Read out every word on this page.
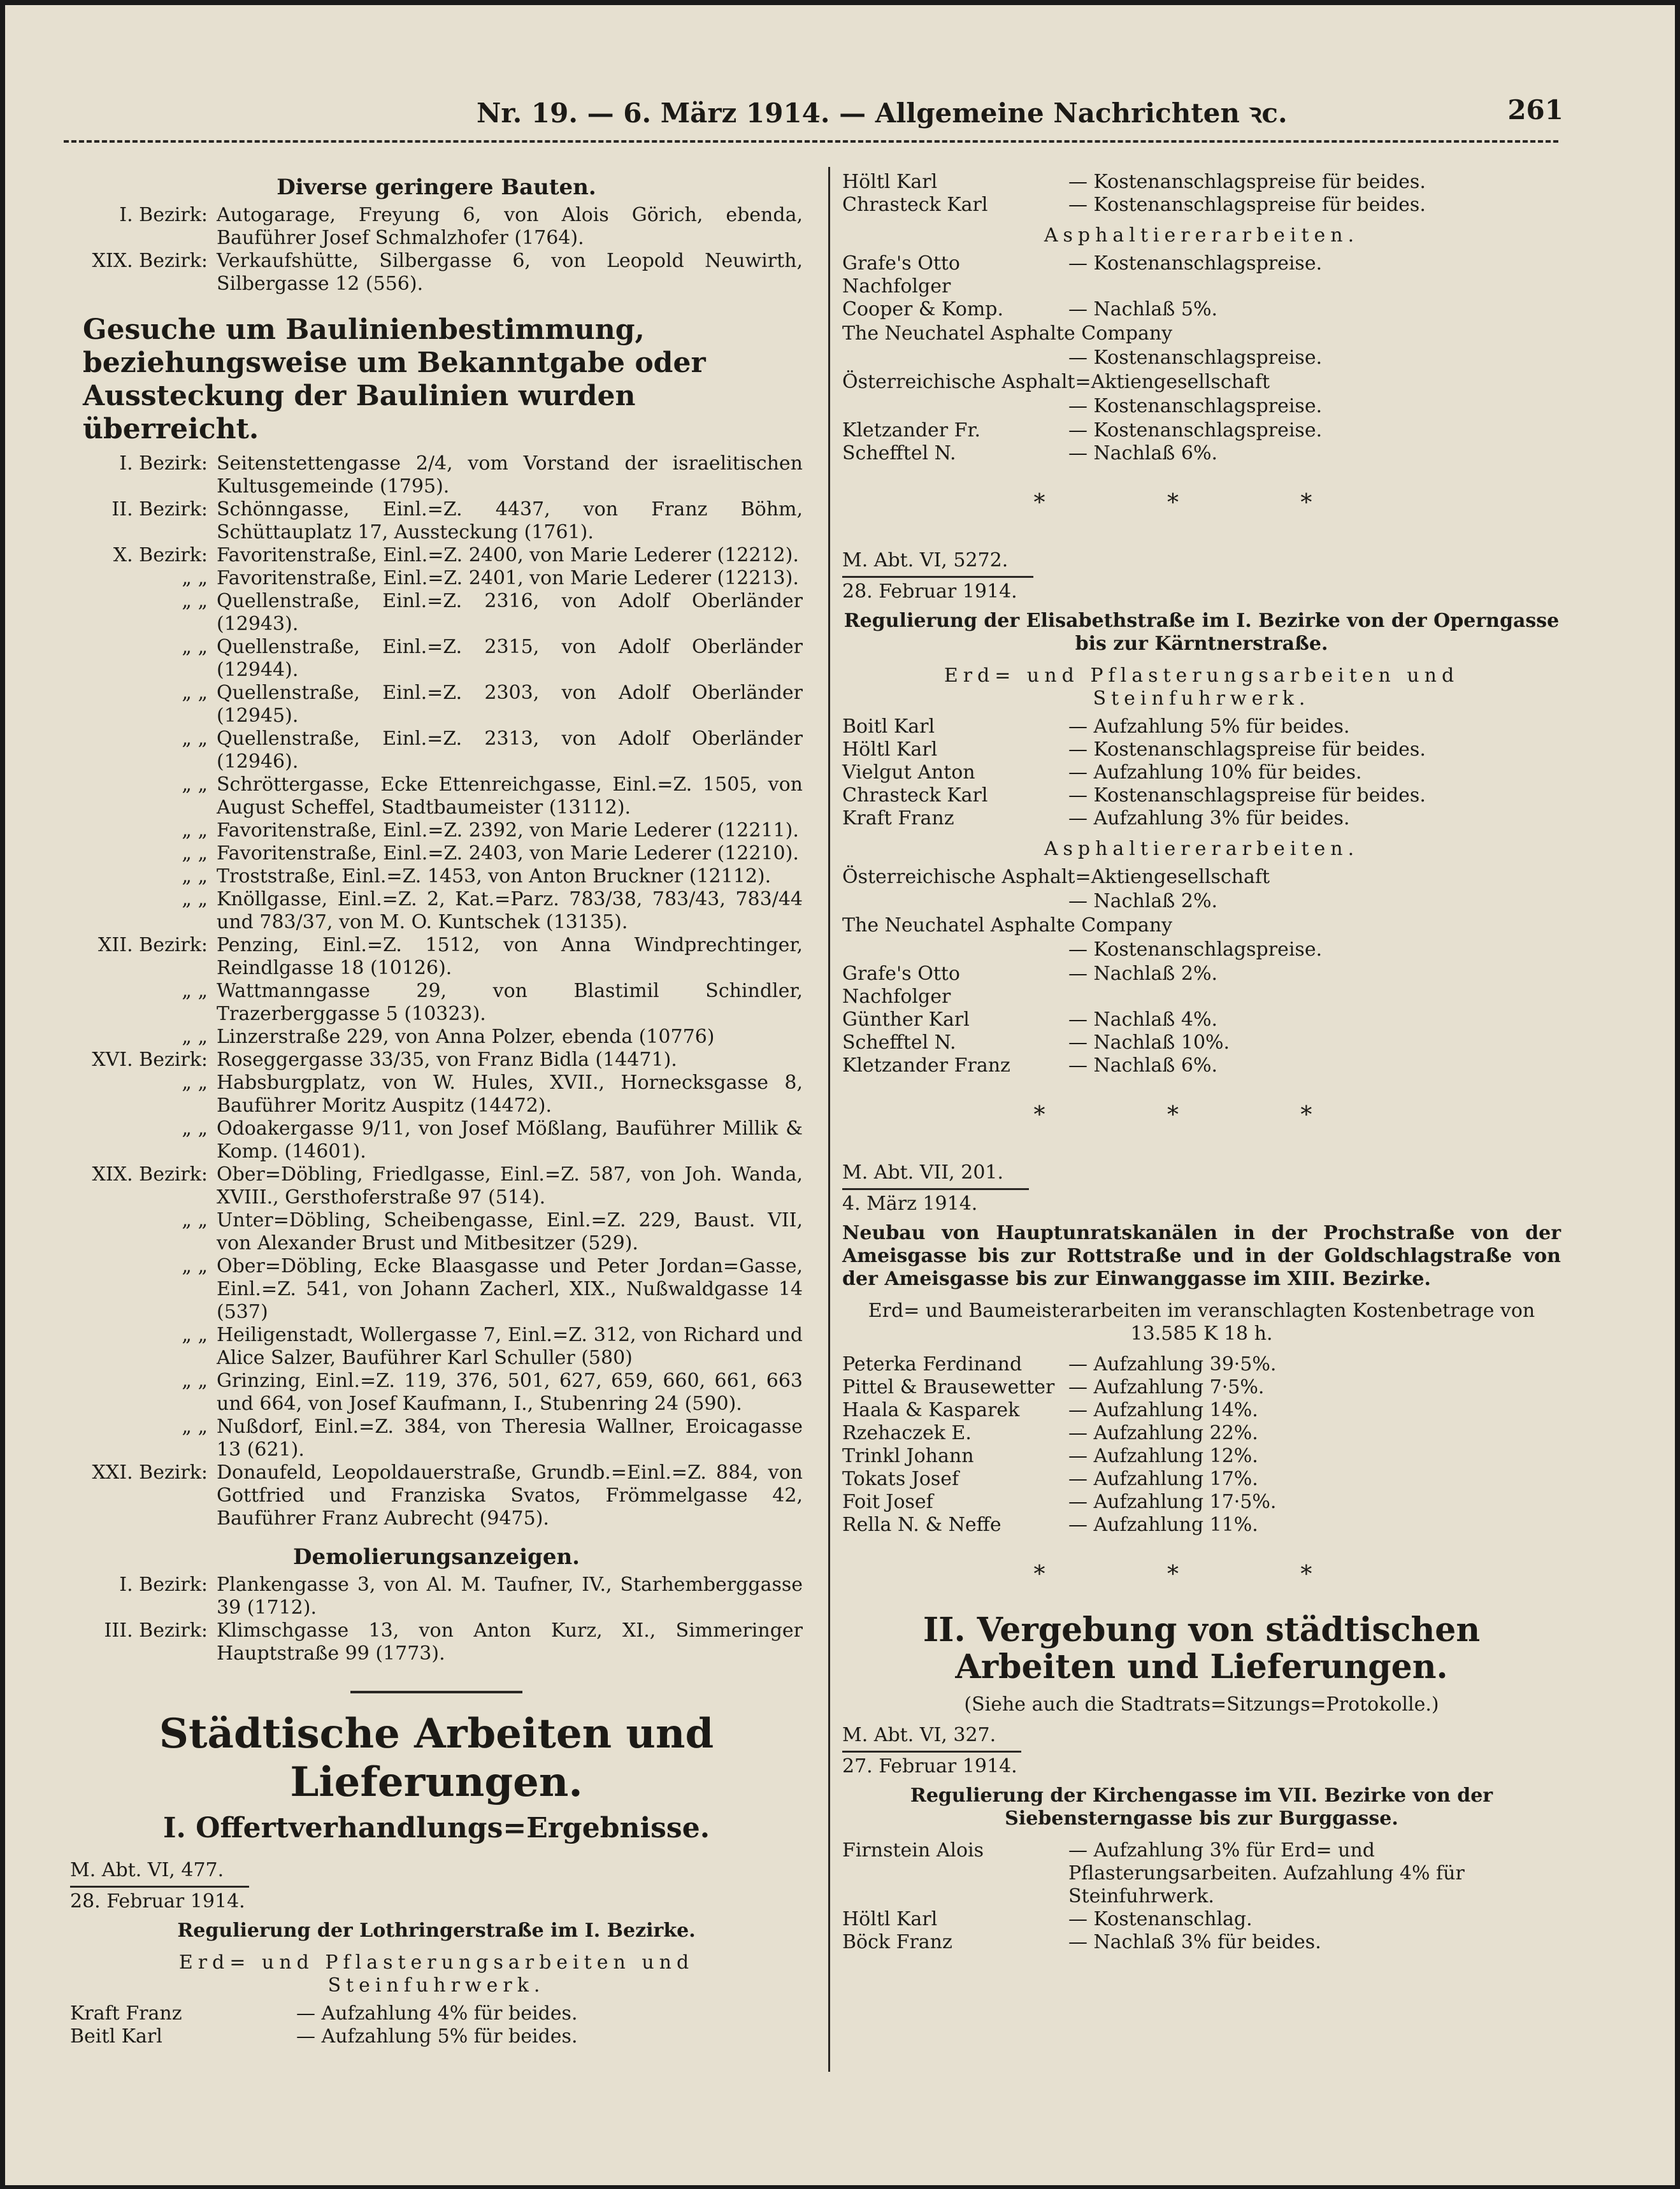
Nr. 19. — 6. März 1914. — Allgemeine Nachrichten ꝛc.	261
Diverse geringere Bauten.
I. Bezirk: Autogarage, Freyung 6, von Alois Görich, ebenda, Bauführer Josef Schmalzhofer (1764).
XIX. Bezirk: Verkaufshütte, Silbergasse 6, von Leopold Neuwirth, Silbergasse 12 (556).
Gesuche um Baulinienbestimmung, beziehungsweise um Bekanntgabe oder Aussteckung der Baulinien wurden überreicht.
I. Bezirk: Seitenstettengasse 2/4, vom Vorstand der israelitischen Kultusgemeinde (1795).
II. Bezirk: Schönngasse, Einl.=Z. 4437, von Franz Böhm, Schüttauplatz 17, Aussteckung (1761).
X. Bezirk: Favoritenstraße, Einl.=Z. 2400, von Marie Lederer (12212).
„ „ Favoritenstraße, Einl.=Z. 2401, von Marie Lederer (12213).
„ „ Quellenstraße, Einl.=Z. 2316, von Adolf Oberländer (12943).
„ „ Quellenstraße, Einl.=Z. 2315, von Adolf Oberländer (12944).
„ „ Quellenstraße, Einl.=Z. 2303, von Adolf Oberländer (12945).
„ „ Quellenstraße, Einl.=Z. 2313, von Adolf Oberländer (12946).
„ „ Schröttergasse, Ecke Ettenreichgasse, Einl.=Z. 1505, von August Scheffel, Stadtbaumeister (13112).
„ „ Favoritenstraße, Einl.=Z. 2392, von Marie Lederer (12211).
„ „ Favoritenstraße, Einl.=Z. 2403, von Marie Lederer (12210).
„ „ Troststraße, Einl.=Z. 1453, von Anton Bruckner (12112).
„ „ Knöllgasse, Einl.=Z. 2, Kat.=Parz. 783/38, 783/43, 783/44 und 783/37, von M. O. Kuntschek (13135).
XII. Bezirk: Penzing, Einl.=Z. 1512, von Anna Windprechtinger, Reindlgasse 18 (10126).
„ „ Wattmanngasse 29, von Blastimil Schindler, Trazerberggasse 5 (10323).
„ „ Linzerstraße 229, von Anna Polzer, ebenda (10776)
XVI. Bezirk: Roseggergasse 33/35, von Franz Bidla (14471).
„ „ Habsburgplatz, von W. Hules, XVII., Hornecksgasse 8, Bauführer Moritz Auspitz (14472).
„ „ Odoakergasse 9/11, von Josef Mößlang, Bauführer Millik & Komp. (14601).
XIX. Bezirk: Ober=Döbling, Friedlgasse, Einl.=Z. 587, von Joh. Wanda, XVIII., Gersthoferstraße 97 (514).
„ „ Unter=Döbling, Scheibengasse, Einl.=Z. 229, Baust. VII, von Alexander Brust und Mitbesitzer (529).
„ „ Ober=Döbling, Ecke Blaasgasse und Peter Jordan=Gasse, Einl.=Z. 541, von Johann Zacherl, XIX., Nußwaldgasse 14 (537)
„ „ Heiligenstadt, Wollergasse 7, Einl.=Z. 312, von Richard und Alice Salzer, Bauführer Karl Schuller (580)
„ „ Grinzing, Einl.=Z. 119, 376, 501, 627, 659, 660, 661, 663 und 664, von Josef Kaufmann, I., Stubenring 24 (590).
„ „ Nußdorf, Einl.=Z. 384, von Theresia Wallner, Eroicagasse 13 (621).
XXI. Bezirk: Donaufeld, Leopoldauerstraße, Grundb.=Einl.=Z. 884, von Gottfried und Franziska Svatos, Frömmelgasse 42, Bauführer Franz Aubrecht (9475).
Demolierungsanzeigen.
I. Bezirk: Plankengasse 3, von Al. M. Taufner, IV., Starhemberggasse 39 (1712).
III. Bezirk: Klimschgasse 13, von Anton Kurz, XI., Simmeringer Hauptstraße 99 (1773).
Städtische Arbeiten und Lieferungen.
I. Offertverhandlungs=Ergebnisse.
M. Abt. VI, 477.
28. Februar 1914.
Regulierung der Lothringerstraße im I. Bezirke.
Erd= und Pflasterungsarbeiten und Steinfuhrwerk.
Kraft Franz	— Aufzahlung 4% für beides.
Beitl Karl	— Aufzahlung 5% für beides.
Höltl Karl	— Kostenanschlagspreise für beides.
Chrasteck Karl	— Kostenanschlagspreise für beides.
Asphaltiererarbeiten.
Grafe's Otto Nachfolger
— Kostenanschlagspreise.
Cooper & Komp.	— Nachlaß 5%.
The Neuchatel Asphalte Company
— Kostenanschlagspreise.
Österreichische Asphalt=Aktiengesellschaft
— Kostenanschlagspreise.
Kletzander Fr.	— Kostenanschlagspreise.
Schefftel N.	— Nachlaß 6%.
* * *
M. Abt. VI, 5272.
28. Februar 1914.
Regulierung der Elisabethstraße im I. Bezirke von der Operngasse bis zur Kärntnerstraße.
Erd= und Pflasterungsarbeiten und Steinfuhrwerk.
Boitl Karl	— Aufzahlung 5% für beides.
Höltl Karl	— Kostenanschlagspreise für beides.
Vielgut Anton	— Aufzahlung 10% für beides.
Chrasteck Karl	— Kostenanschlagspreise für beides.
Kraft Franz	— Aufzahlung 3% für beides.
Asphaltiererarbeiten.
Österreichische Asphalt=Aktiengesellschaft
— Nachlaß 2%.
The Neuchatel Asphalte Company
— Kostenanschlagspreise.
Grafe's Otto Nachfolger
— Nachlaß 2%.
Günther Karl	— Nachlaß 4%.
Schefftel N.	— Nachlaß 10%.
Kletzander Franz	— Nachlaß 6%.
* * *
M. Abt. VII, 201.
4. März 1914.
Neubau von Hauptunratskanälen in der Prochstraße von der Ameisgasse bis zur Rottstraße und in der Goldschlagstraße von der Ameisgasse bis zur Einwanggasse im XIII. Bezirke.
Erd= und Baumeisterarbeiten im veranschlagten Kostenbetrage von 13.585 K 18 h.
Peterka Ferdinand	— Aufzahlung 39·5%.
Pittel & Brausewetter — Aufzahlung 7·5%.
Haala & Kasparek	— Aufzahlung 14%.
Rzehaczek E.	— Aufzahlung 22%.
Trinkl Johann	— Aufzahlung 12%.
Tokats Josef	— Aufzahlung 17%.
Foit Josef	— Aufzahlung 17·5%.
Rella N. & Neffe	— Aufzahlung 11%.
* * *
II. Vergebung von städtischen Arbeiten und Lieferungen.
(Siehe auch die Stadtrats=Sitzungs=Protokolle.)
M. Abt. VI, 327.
27. Februar 1914.
Regulierung der Kirchengasse im VII. Bezirke von der Siebensterngasse bis zur Burggasse.
Firnstein Alois	— Aufzahlung 3% für Erd= und Pflasterungsarbeiten. Aufzahlung 4% für Steinfuhrwerk.
Höltl Karl	— Kostenanschlag.
Böck Franz	— Nachlaß 3% für beides.
